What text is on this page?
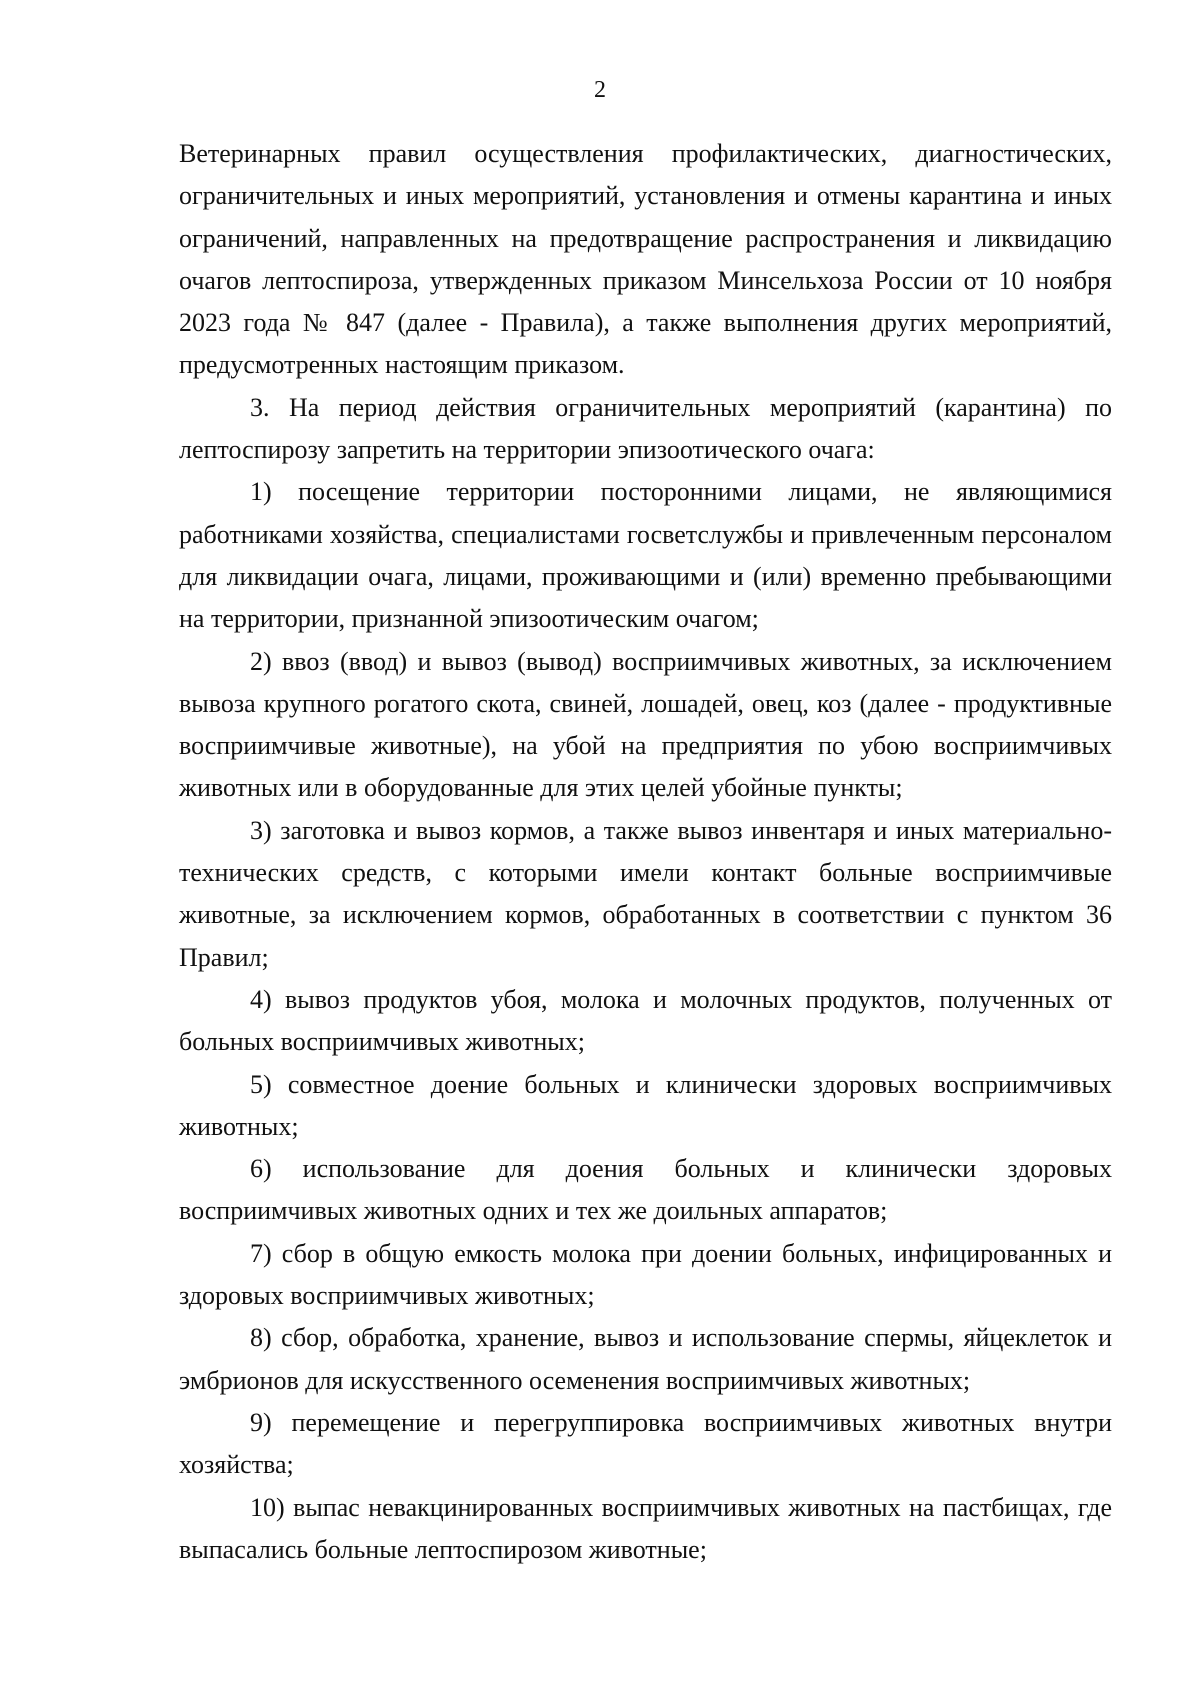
2

Ветеринарных правил осуществления профилактических, диагностических, ограничительных и иных мероприятий, установления и отмены карантина и иных ограничений, направленных на предотвращение распространения и ликвидацию очагов лептоспироза, утвержденных приказом Минсельхоза России от 10 ноября 2023 года № 847 (далее - Правила), а также выполнения других мероприятий, предусмотренных настоящим приказом.

3. На период действия ограничительных мероприятий (карантина) по лептоспирозу запретить на территории эпизоотического очага:

1) посещение территории посторонними лицами, не являющимися работниками хозяйства, специалистами госветслужбы и привлеченным персоналом для ликвидации очага, лицами, проживающими и (или) временно пребывающими на территории, признанной эпизоотическим очагом;

2) ввоз (ввод) и вывоз (вывод) восприимчивых животных, за исключением вывоза крупного рогатого скота, свиней, лошадей, овец, коз (далее - продуктивные восприимчивые животные), на убой на предприятия по убою восприимчивых животных или в оборудованные для этих целей убойные пункты;

3) заготовка и вывоз кормов, а также вывоз инвентаря и иных материально-технических средств, с которыми имели контакт больные восприимчивые животные, за исключением кормов, обработанных в соответствии с пунктом 36 Правил;

4) вывоз продуктов убоя, молока и молочных продуктов, полученных от больных восприимчивых животных;

5) совместное доение больных и клинически здоровых восприимчивых животных;

6) использование для доения больных и клинически здоровых восприимчивых животных одних и тех же доильных аппаратов;

7) сбор в общую емкость молока при доении больных, инфицированных и здоровых восприимчивых животных;

8) сбор, обработка, хранение, вывоз и использование спермы, яйцеклеток и эмбрионов для искусственного осеменения восприимчивых животных;

9) перемещение и перегруппировка восприимчивых животных внутри хозяйства;

10) выпас невакцинированных восприимчивых животных на пастбищах, где выпасались больные лептоспирозом животные;
